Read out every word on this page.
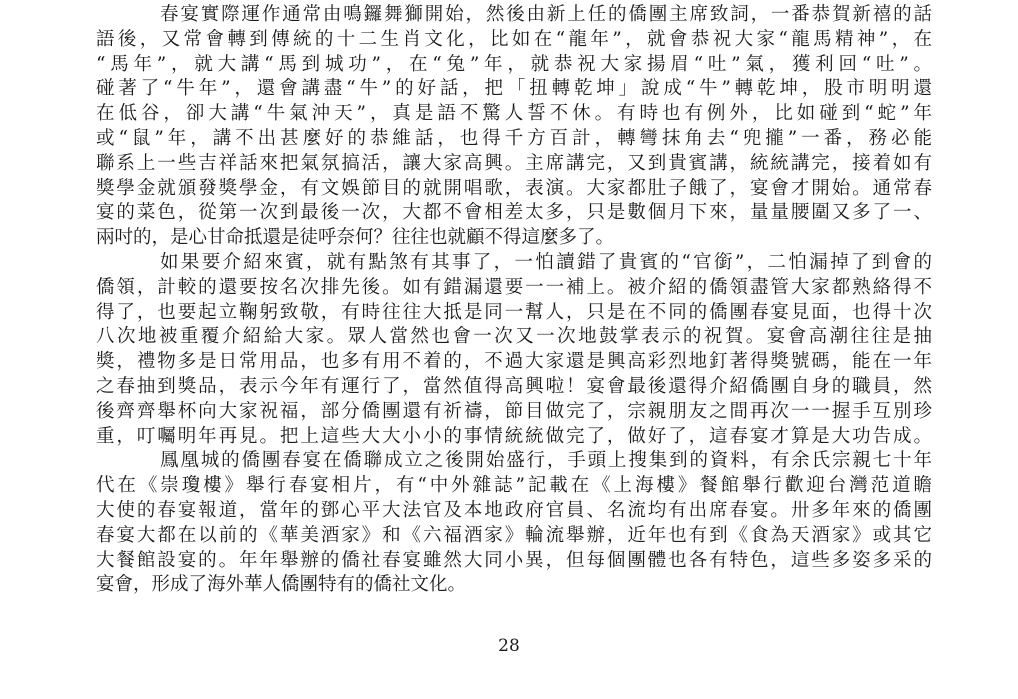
春宴實際運作通常由鳴鑼舞獅開始，然後由新上任的僑團主席致詞，一番恭賀新禧的話
語後，又常會轉到傳統的十二生肖文化，比如在“龍年”，就會恭祝大家“龍馬精神”，在
“馬年”，就大講“馬到城功”，在“兔”年，就恭祝大家揚眉“吐”氣，獲利回“吐”。
碰著了“牛年”，還會講盡“牛”的好話，把「扭轉乾坤」說成“牛”轉乾坤，股市明明還
在低谷，卻大講“牛氣沖天”，真是語不驚人誓不休。有時也有例外，比如碰到“蛇”年
或“鼠”年，講不出甚麼好的恭維話，也得千方百計，轉彎抹角去“兜攏”一番，務必能
聯系上一些吉祥話來把氣氛搞活，讓大家高興。主席講完，又到貴賓講，統統講完，接着如有
獎學金就頒發獎學金，有文娛節目的就開唱歌，表演。大家都肚子餓了，宴會才開始。通常春
宴的菜色，從第一次到最後一次，大都不會相差太多，只是數個月下來，量量腰圍又多了一、
兩吋的，是心甘命抵還是徒呼奈何？往往也就顧不得這麼多了。
如果要介紹來賓，就有點煞有其事了，一怕讀錯了貴賓的“官銜”，二怕漏掉了到會的
僑領，計較的還要按名次排先後。如有錯漏還要一一補上。被介紹的僑領盡管大家都熟絡得不
得了，也要起立鞠躬致敬，有時往往大抵是同一幫人，只是在不同的僑團春宴見面，也得十次
八次地被重覆介紹給大家。眾人當然也會一次又一次地鼓掌表示的祝賀。宴會高潮往往是抽
獎，禮物多是日常用品，也多有用不着的，不過大家還是興高彩烈地釘著得獎號碼，能在一年
之春抽到獎品，表示今年有運行了，當然值得高興啦！宴會最後還得介紹僑團自身的職員，然
後齊齊舉杯向大家祝福，部分僑團還有祈禱，節目做完了，宗親朋友之間再次一一握手互別珍
重，叮囑明年再見。把上這些大大小小的事情統統做完了，做好了，這春宴才算是大功告成。
鳳凰城的僑團春宴在僑聯成立之後開始盛行，手頭上搜集到的資料，有余氏宗親七十年
代在《崇瓊樓》舉行春宴相片，有“中外雜誌”記載在《上海樓》餐館舉行歡迎台灣范道瞻
大使的春宴報道，當年的鄧心平大法官及本地政府官員、名流均有出席春宴。卅多年來的僑團
春宴大都在以前的《華美酒家》和《六福酒家》輪流舉辦，近年也有到《食為天酒家》或其它
大餐館設宴的。年年舉辦的僑社春宴雖然大同小異，但每個團體也各有特色，這些多姿多采的
宴會，形成了海外華人僑團特有的僑社文化。
28
